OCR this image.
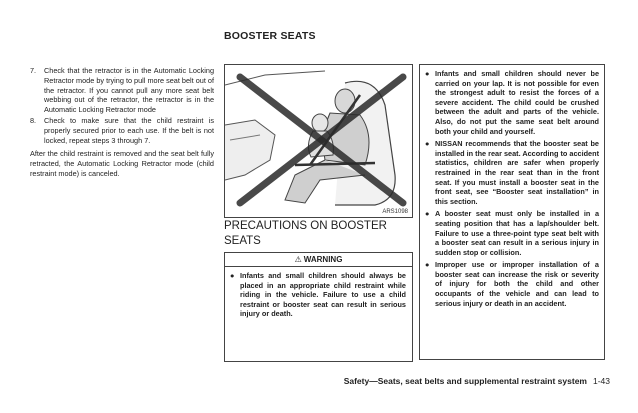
BOOSTER SEATS
7. Check that the retractor is in the Automatic Locking Retractor mode by trying to pull more seat belt out of the retractor. If you cannot pull any more seat belt webbing out of the retractor, the retractor is in the Automatic Locking Retractor mode
8. Check to make sure that the child restraint is properly secured prior to each use. If the belt is not locked, repeat steps 3 through 7.

After the child restraint is removed and the seat belt fully retracted, the Automatic Locking Retractor mode (child restraint mode) is canceled.

ARS1098
PRECAUTIONS ON BOOSTER SEATS
⚠ WARNING
● Infants and small children should always be placed in an appropriate child restraint while riding in the vehicle. Failure to use a child restraint or booster seat can result in serious injury or death.
● Infants and small children should never be carried on your lap. It is not possible for even the strongest adult to resist the forces of a severe accident. The child could be crushed between the adult and parts of the vehicle. Also, do not put the same seat belt around both your child and yourself.
● NISSAN recommends that the booster seat be installed in the rear seat. According to accident statistics, children are safer when properly restrained in the rear seat than in the front seat. If you must install a booster seat in the front seat, see “Booster seat installation” in this section.
● A booster seat must only be installed in a seating position that has a lap/shoulder belt. Failure to use a three-point type seat belt with a booster seat can result in a serious injury in sudden stop or collision.
● Improper use or improper installation of a booster seat can increase the risk or severity of injury for both the child and other occupants of the vehicle and can lead to serious injury or death in an accident.
Safety—Seats, seat belts and supplemental restraint system 1-43
